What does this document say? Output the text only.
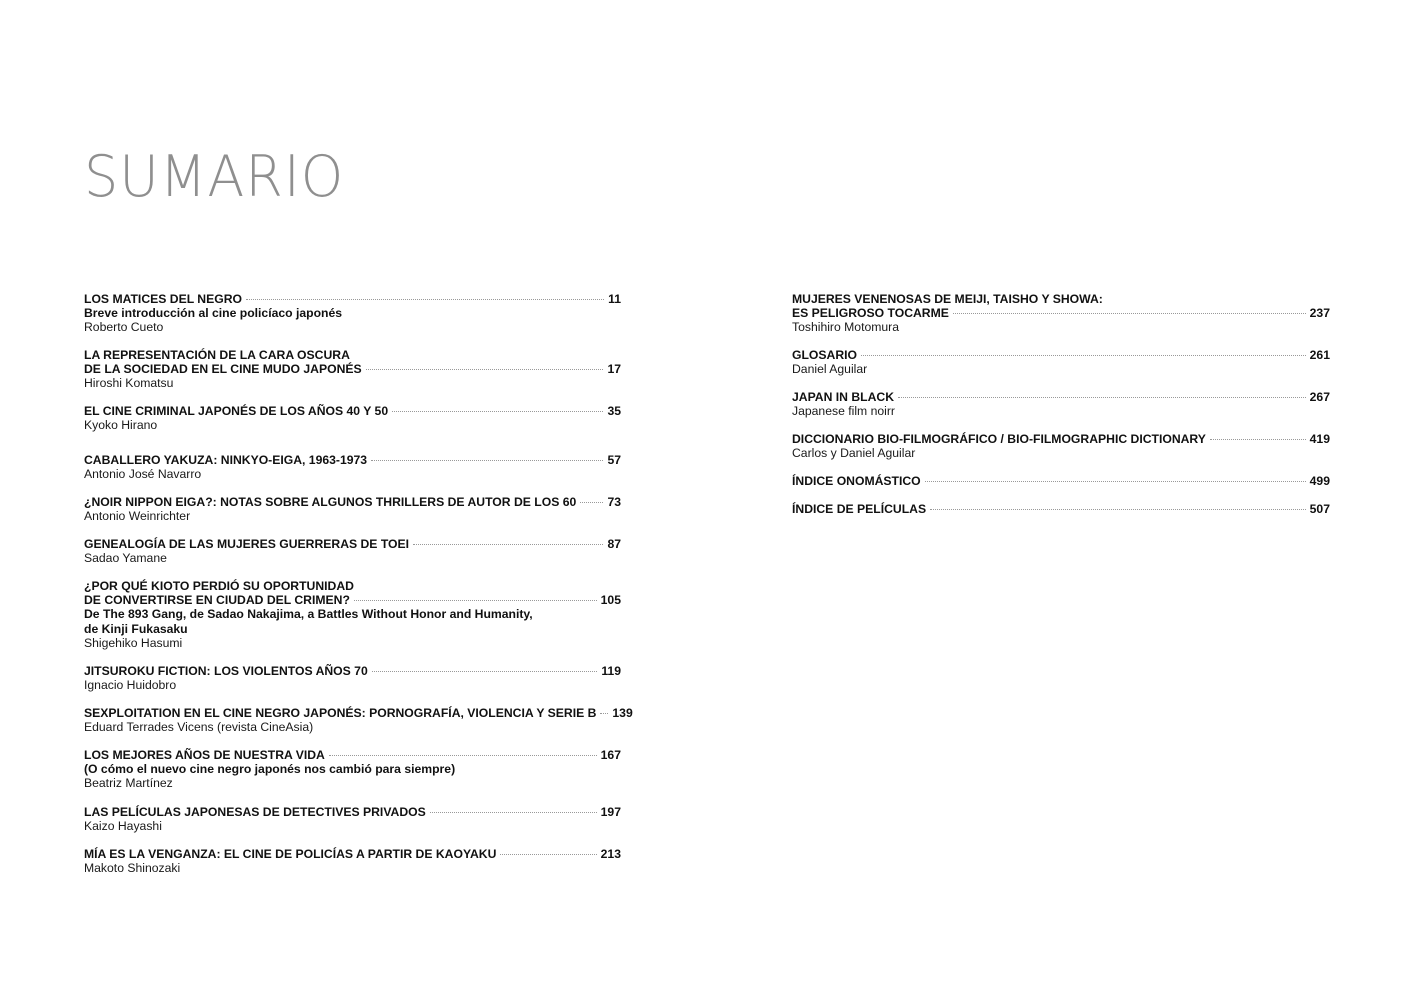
SUMARIO
LOS MATICES DEL NEGRO	11
Breve introducción al cine policíaco japonés
Roberto Cueto
LA REPRESENTACIÓN DE LA CARA OSCURA
DE LA SOCIEDAD EN EL CINE MUDO JAPONÉS	17
Hiroshi Komatsu
EL CINE CRIMINAL JAPONÉS DE LOS AÑOS 40 Y 50	35
Kyoko Hirano
CABALLERO YAKUZA: NINKYO-EIGA, 1963-1973	57
Antonio José Navarro
¿NOIR NIPPON EIGA?: NOTAS SOBRE ALGUNOS THRILLERS DE AUTOR DE LOS 60	73
Antonio Weinrichter
GENEALOGÍA DE LAS MUJERES GUERRERAS DE TOEI	87
Sadao Yamane
¿POR QUÉ KIOTO PERDIÓ SU OPORTUNIDAD
DE CONVERTIRSE EN CIUDAD DEL CRIMEN?	105
De The 893 Gang, de Sadao Nakajima, a Battles Without Honor and Humanity,
de Kinji Fukasaku
Shigehiko Hasumi
JITSUROKU FICTION: LOS VIOLENTOS AÑOS 70	119
Ignacio Huidobro
SEXPLOITATION EN EL CINE NEGRO JAPONÉS: PORNOGRAFÍA, VIOLENCIA Y SERIE B 139
Eduard Terrades Vicens (revista CineAsia)
LOS MEJORES AÑOS DE NUESTRA VIDA	167
(O cómo el nuevo cine negro japonés nos cambió para siempre)
Beatriz Martínez
LAS PELÍCULAS JAPONESAS DE DETECTIVES PRIVADOS	197
Kaizo Hayashi
MÍA ES LA VENGANZA: EL CINE DE POLICÍAS A PARTIR DE KAOYAKU	213
Makoto Shinozaki
MUJERES VENENOSAS DE MEIJI, TAISHO Y SHOWA:
ES PELIGROSO TOCARME	237
Toshihiro Motomura
GLOSARIO	261
Daniel Aguilar
JAPAN IN BLACK	267
Japanese film noirr
DICCIONARIO BIO-FILMOGRÁFICO / BIO-FILMOGRAPHIC DICTIONARY	419
Carlos y Daniel Aguilar
ÍNDICE ONOMÁSTICO	499
ÍNDICE DE PELÍCULAS	507
